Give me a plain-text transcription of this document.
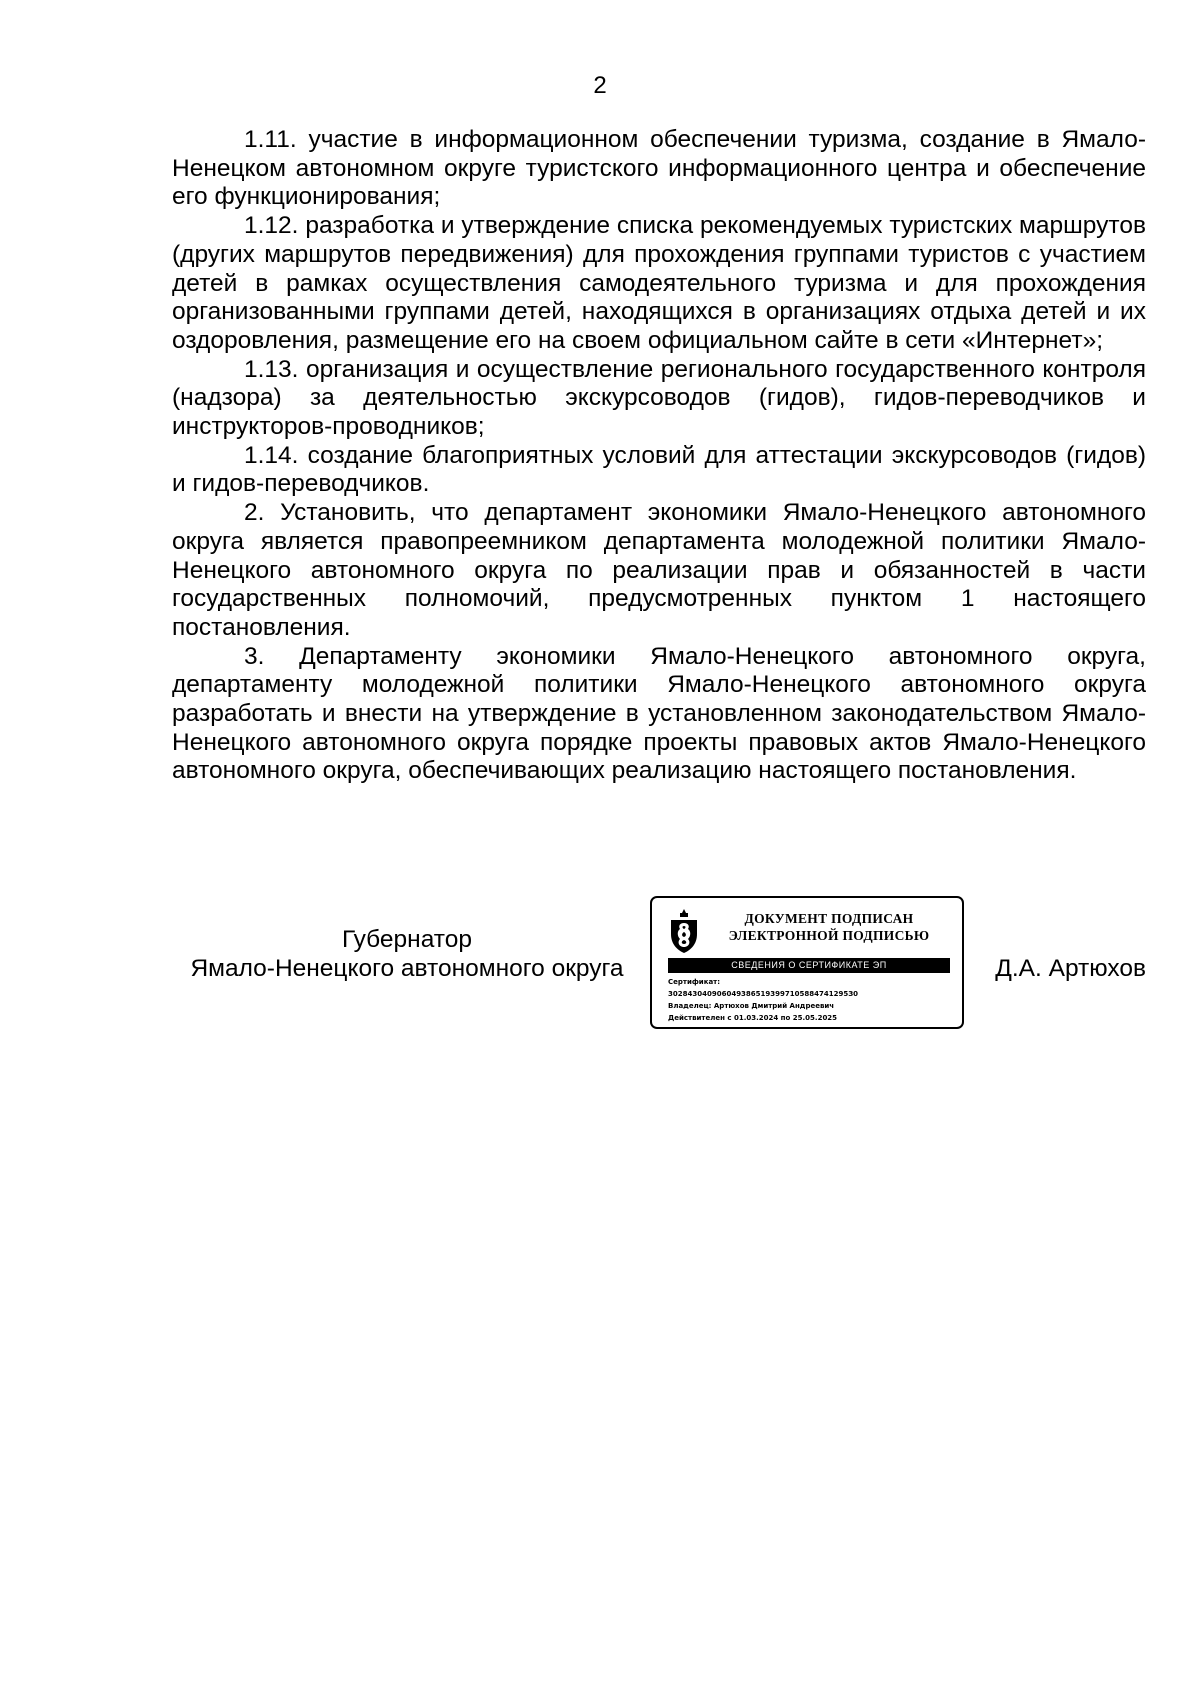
2

1.11. участие в информационном обеспечении туризма, создание в Ямало-Ненецком автономном округе туристского информационного центра и обеспечение его функционирования;

1.12. разработка и утверждение списка рекомендуемых туристских маршрутов (других маршрутов передвижения) для прохождения группами туристов с участием детей в рамках осуществления самодеятельного туризма и для прохождения организованными группами детей, находящихся в организациях отдыха детей и их оздоровления, размещение его на своем официальном сайте в сети «Интернет»;

1.13. организация и осуществление регионального государственного контроля (надзора) за деятельностью экскурсоводов (гидов), гидов-переводчиков и инструкторов-проводников;

1.14. создание благоприятных условий для аттестации экскурсоводов (гидов) и гидов-переводчиков.

2. Установить, что департамент экономики Ямало-Ненецкого автономного округа является правопреемником департамента молодежной политики Ямало-Ненецкого автономного округа по реализации прав и обязанностей в части государственных полномочий, предусмотренных пунктом 1 настоящего постановления.

3. Департаменту экономики Ямало-Ненецкого автономного округа, департаменту молодежной политики Ямало-Ненецкого автономного округа разработать и внести на утверждение в установленном законодательством Ямало-Ненецкого автономного округа порядке проекты правовых актов Ямало-Ненецкого автономного округа, обеспечивающих реализацию настоящего постановления.

Губернатор
Ямало-Ненецкого автономного округа
ДОКУМЕНТ ПОДПИСАН
ЭЛЕКТРОННОЙ ПОДПИСЬЮ
СВЕДЕНИЯ О СЕРТИФИКАТЕ ЭП
Сертификат:
3028430409060493865193997105884741295З0
Владелец: Артюхов Дмитрий Андреевич
Действителен с 01.03.2024 по 25.05.2025
Д.А. Артюхов
